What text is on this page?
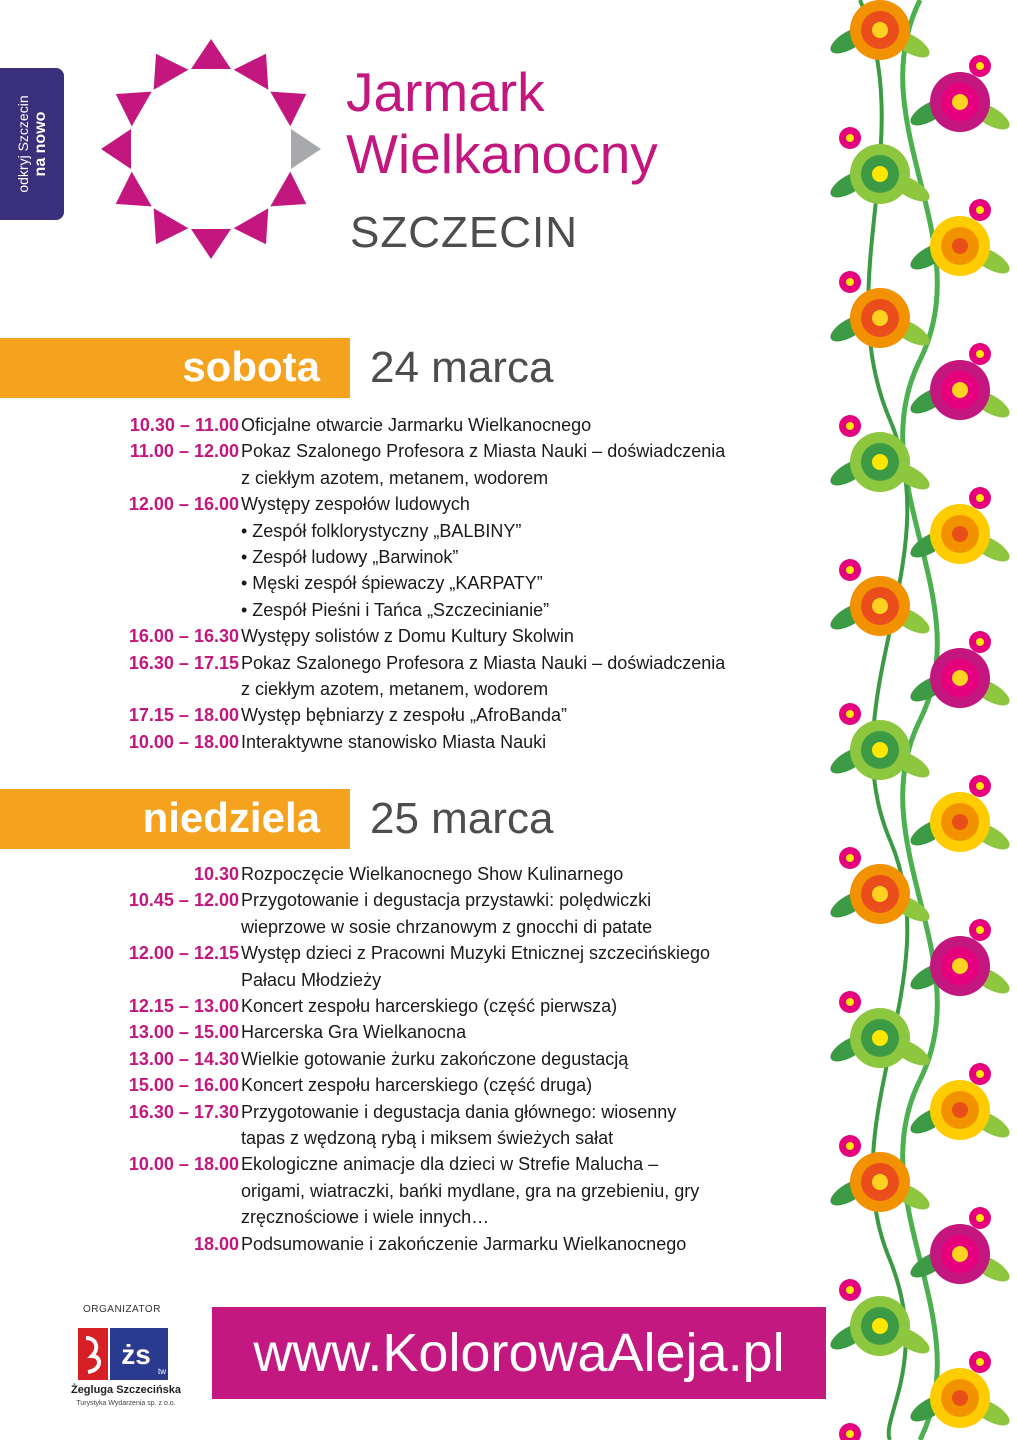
odkryj Szczecin na nowo
Jarmark
Wielkanocny
SZCZECIN
sobota	24 marca
10.30 – 11.00 Oficjalne otwarcie Jarmarku Wielkanocnego
11.00 – 12.00 Pokaz Szalonego Profesora z Miasta Nauki – doświadczenia
z ciekłym azotem, metanem, wodorem
12.00 – 16.00 Występy zespołów ludowych
• Zespół folklorystyczny „BALBINY”
• Zespół ludowy „Barwinok”
• Męski zespół śpiewaczy „KARPATY”
• Zespół Pieśni i Tańca „Szczecinianie”
16.00 – 16.30 Występy solistów z Domu Kultury Skolwin
16.30 – 17.15 Pokaz Szalonego Profesora z Miasta Nauki – doświadczenia
z ciekłym azotem, metanem, wodorem
17.15 – 18.00 Występ bębniarzy z zespołu „AfroBanda”
10.00 – 18.00 Interaktywne stanowisko Miasta Nauki
niedziela	25 marca
10.30 Rozpoczęcie Wielkanocnego Show Kulinarnego
10.45 – 12.00 Przygotowanie i degustacja przystawki: polędwiczki
wieprzowe w sosie chrzanowym z gnocchi di patate
12.00 – 12.15 Występ dzieci z Pracowni Muzyki Etnicznej szczecińskiego
Pałacu Młodzieży
12.15 – 13.00 Koncert zespołu harcerskiego (część pierwsza)
13.00 – 15.00 Harcerska Gra Wielkanocna
13.00 – 14.30 Wielkie gotowanie żurku zakończone degustacją
15.00 – 16.00 Koncert zespołu harcerskiego (część druga)
16.30 – 17.30 Przygotowanie i degustacja dania głównego: wiosenny
tapas z wędzoną rybą i miksem świeżych sałat
10.00 – 18.00 Ekologiczne animacje dla dzieci w Strefie Malucha –
origami, wiatraczki, bańki mydlane, gra na grzebieniu, gry
zręcznościowe i wiele innych…
18.00 Podsumowanie i zakończenie Jarmarku Wielkanocnego
ORGANIZATOR
żs
tw
Żegluga Szczecińska
Turystyka Wydarzenia sp. z o.o.
www.KolorowaAleja.pl
